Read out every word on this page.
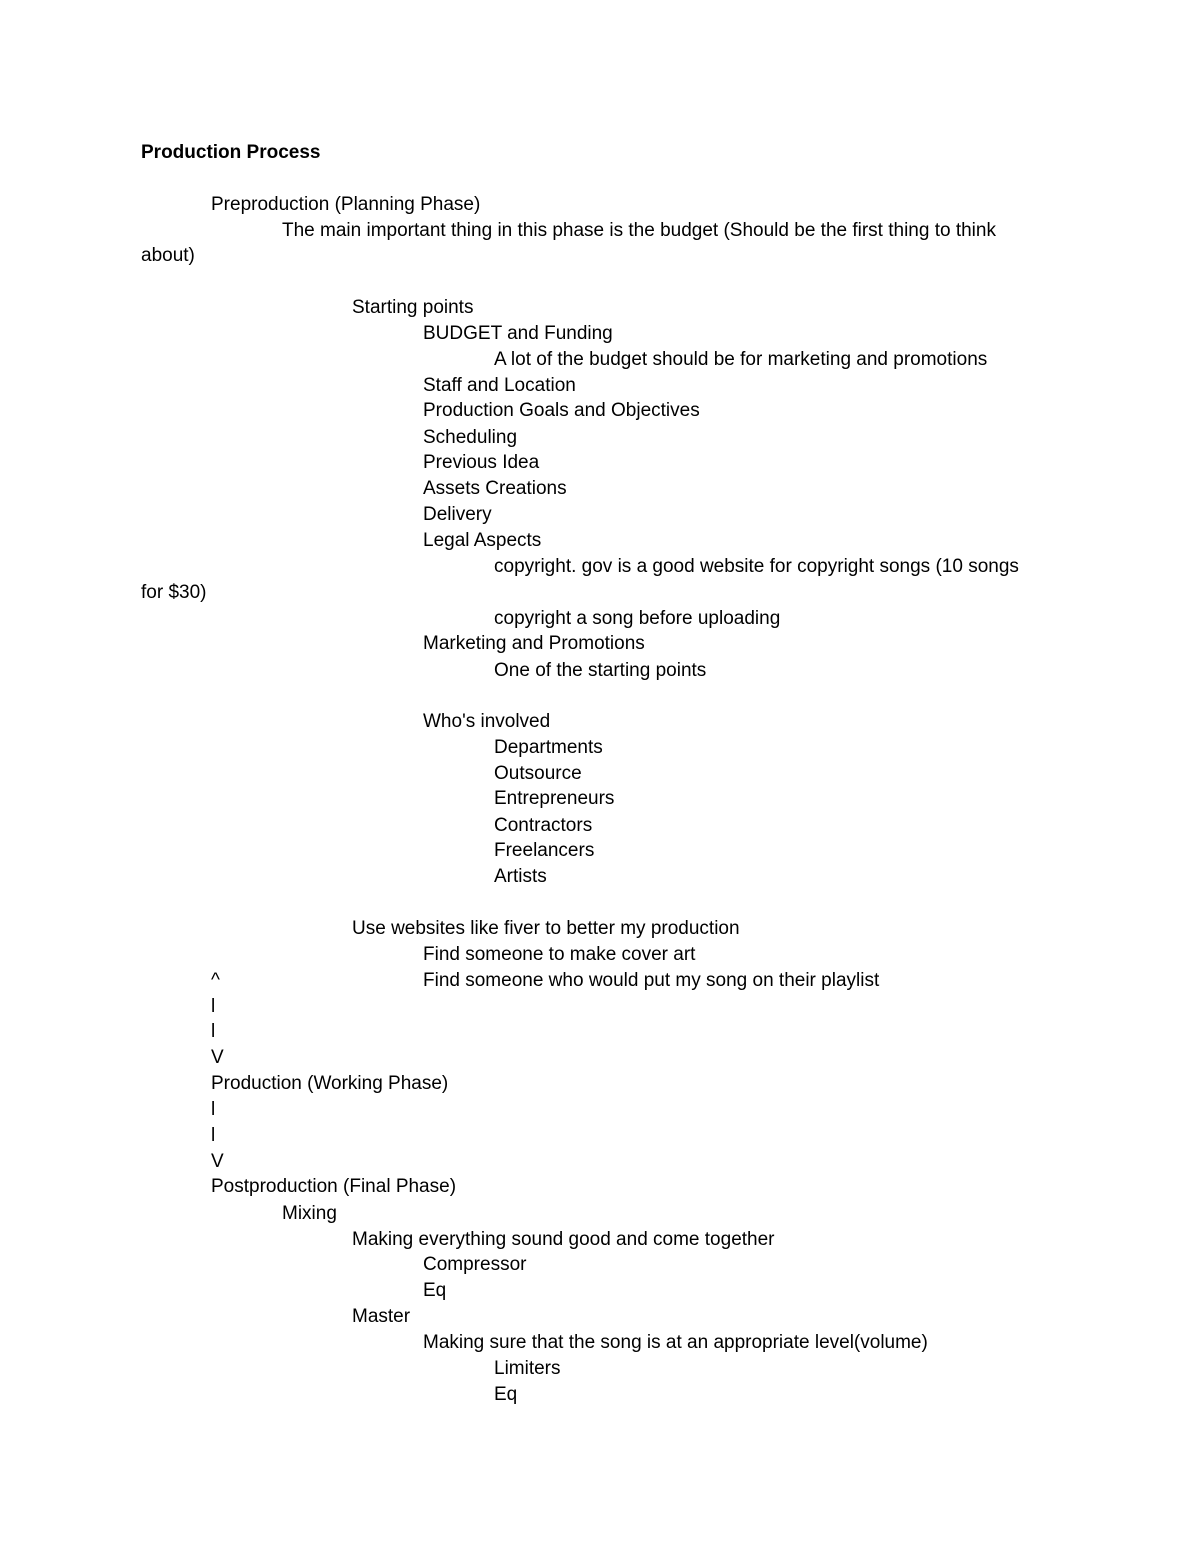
Production Process
Preproduction (Planning Phase)
The main important thing in this phase is the budget (Should be the first thing to think
about)
Starting points
BUDGET and Funding
A lot of the budget should be for marketing and promotions
Staff and Location
Production Goals and Objectives
Scheduling
Previous Idea
Assets Creations
Delivery
Legal Aspects
copyright. gov is a good website for copyright songs (10 songs
for $30)
copyright a song before uploading
Marketing and Promotions
One of the starting points
Who's involved
Departments
Outsource
Entrepreneurs
Contractors
Freelancers
Artists
Use websites like fiver to better my production
Find someone to make cover art
^	Find someone who would put my song on their playlist
l
l
V
Production (Working Phase)
l
l
V
Postproduction (Final Phase)
Mixing
Making everything sound good and come together
Compressor
Eq
Master
Making sure that the song is at an appropriate level(volume)
Limiters
Eq
